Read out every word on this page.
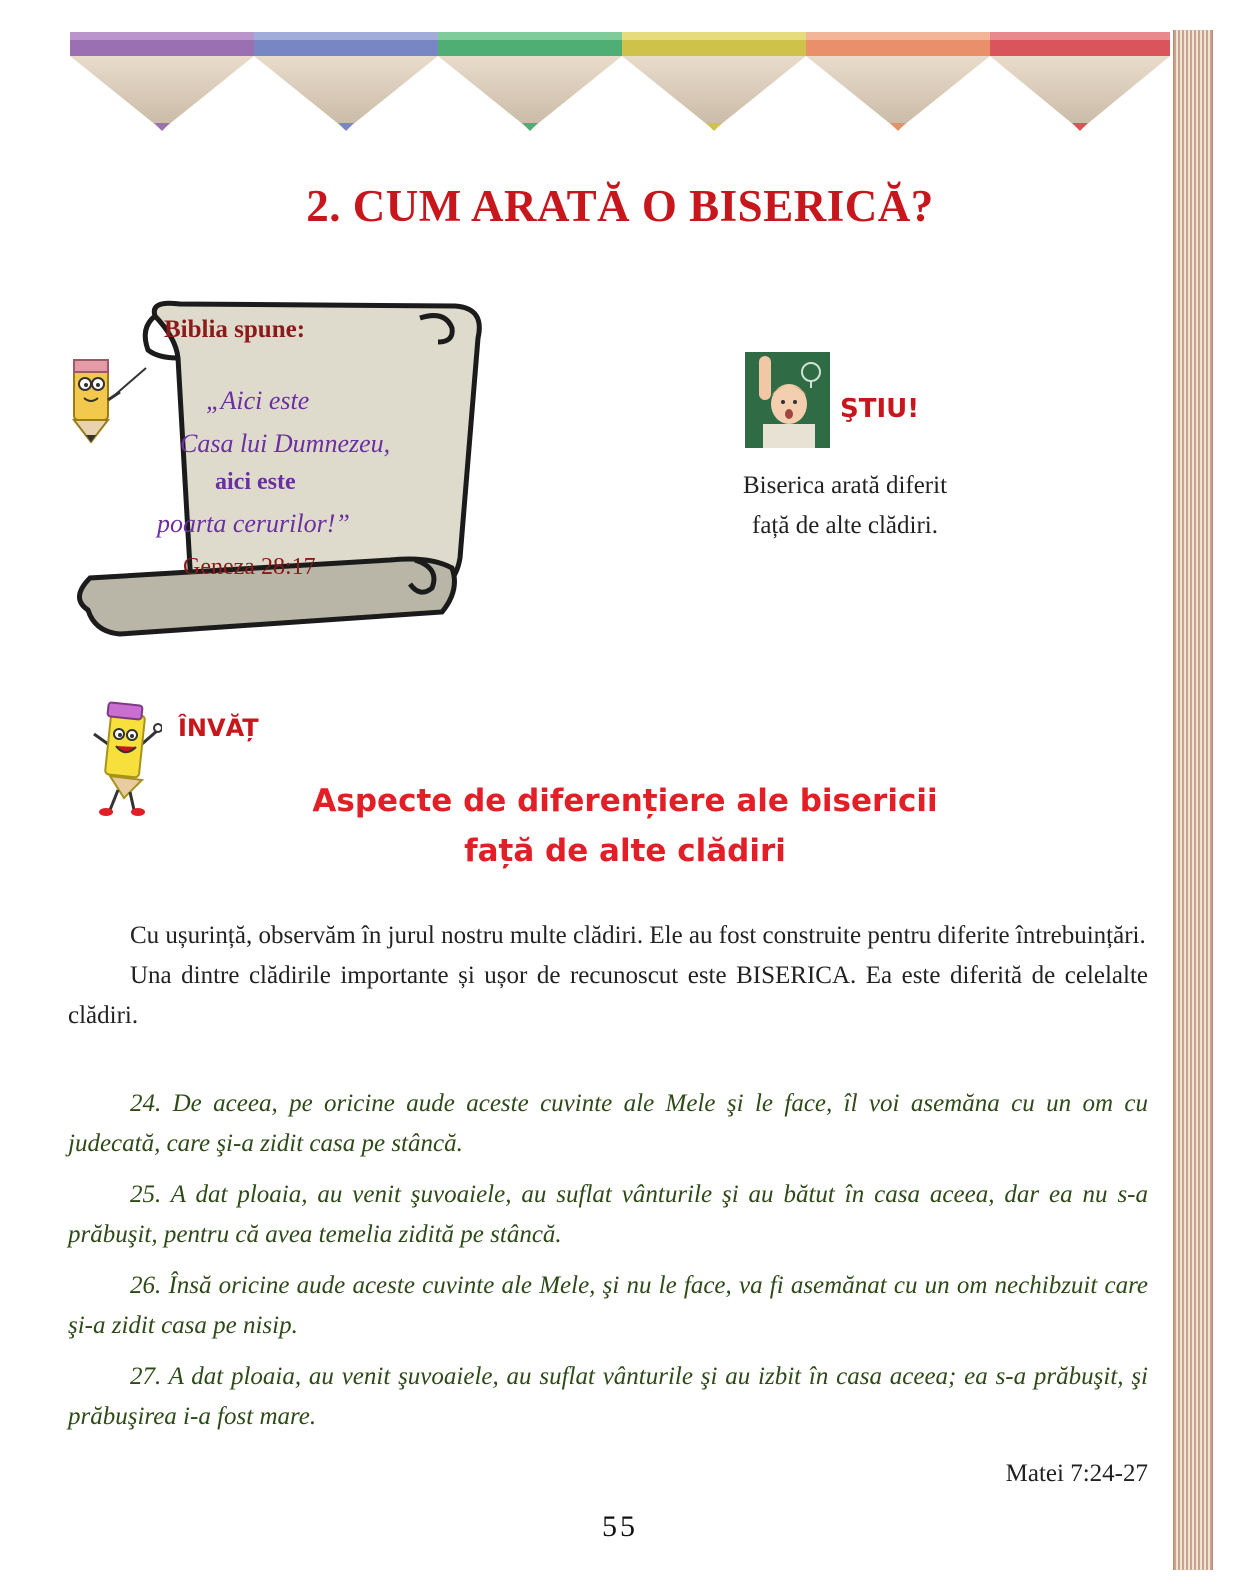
2. CUM ARATĂ O BISERICĂ?
Biblia spune:
„Aici este
Casa lui Dumnezeu,
aici este
poarta cerurilor!”
Geneza 28:17
ŞTIU!
Biserica arată diferit
față de alte clădiri.
ÎNVĂȚ
Aspecte de diferențiere ale bisericii
față de alte clădiri

Cu ușurință, observăm în jurul nostru multe clădiri. Ele au fost construite pentru diferite întrebuințări.

Una dintre clădirile importante și ușor de recunoscut este BISERICA. Ea este diferită de celelalte clădiri.

24. De aceea, pe oricine aude aceste cuvinte ale Mele şi le face, îl voi asemăna cu un om cu judecată, care şi-a zidit casa pe stâncă.

25. A dat ploaia, au venit şuvoaiele, au suflat vânturile şi au bătut în casa aceea, dar ea nu s-a prăbuşit, pentru că avea temelia zidită pe stâncă.

26. Însă oricine aude aceste cuvinte ale Mele, şi nu le face, va fi asemănat cu un om nechibzuit care şi-a zidit casa pe nisip.

27. A dat ploaia, au venit şuvoaiele, au suflat vânturile şi au izbit în casa aceea; ea s-a prăbuşit, şi prăbuşirea i-a fost mare.

Matei 7:24-27
55
